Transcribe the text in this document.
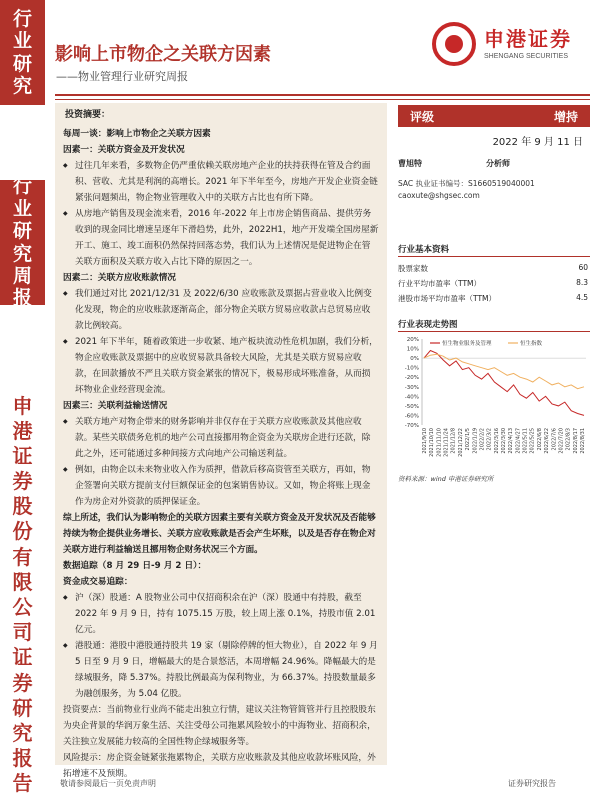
行业研究
行业研究周报
申港证券股份有限公司证券研究报告
影响上市物企之关联方因素
——物业管理行业研究周报
申港证券
SHENGANG SECURITIES
投资摘要：
每周一谈：影响上市物企之关联方因素
因素一：关联方资金及开发状况
◆ 过往几年来看，多数物企仍严重依赖关联房地产企业的扶持获得在管及合约面积、营收、尤其是利润的高增长。2021 年下半年至今，房地产开发企业资金链紧张问题频出，物企物业管理收入中的关联方占比也有所下降。
◆ 从房地产销售及现金流来看，2016 年-2022 年上市房企销售商品、提供劳务收到的现金同比增速呈逐年下滑趋势，此外，2022H1，地产开发端全国房屋新开工、施工、竣工面积仍然保持回落态势，我们认为上述情况是促进物企在管关联方面积及关联方收入占比下降的原因之一。
因素二：关联方应收账款情况
◆ 我们通过对比 2021/12/31 及 2022/6/30 应收账款及票据占营业收入比例变化发现，物企的应收账款逐渐高企，部分物企关联方贸易应收款占总贸易应收款比例较高。
◆ 2021 年下半年，随着政策进一步收紧、地产板块流动性危机加剧，我们分析，物企应收账款及票据中的应收贸易款具备较大风险，尤其是关联方贸易应收款，在回款播放不严且关联方资金紧张的情况下，极易形成坏账准备，从而损坏物业企业经营现金流。
因素三：关联利益输送情况
◆ 关联方地产对物企带来的财务影响并非仅存在于关联方应收账款及其他应收款。某些关联债务危机的地产公司直接挪用物企资金为关联房企进行还款，除此之外，还可能通过多种间接方式向地产公司输送利益。
◆ 例如，由物企以未来物业收入作为质押，借款后移高资管至关联方，再如，物企签署向关联方提前支付巨额保证金的包案销售协议。又如，物企将账上现金作为房企对外资款的质押保证金。
综上所述，我们认为影响物企的关联方因素主要有关联方资金及开发状况及否能够持续为物企提供业务增长、关联方应收账款是否会产生坏账，以及是否存在物企对关联方进行利益输送且挪用物企财务状况三个方面。
数据追踪（8 月 29 日-9 月 2 日）：
资金成交易追踪：
◆ 沪（深）股通：A 股物业公司中仅招商积余在沪（深）股通中有持股，截至 2022 年 9 月 9 日，持有 1075.15 万股，较上周上涨 0.1%，持股市值 2.01 亿元。
◆ 港股通：港股中港股通持股共 19 家（剔除停牌的恒大物业），自 2022 年 9 月 5 日至 9 月 9 日，增幅最大的是合景悠活，本周增幅 24.96%。降幅最大的是绿城服务，降 5.37%。持股比例最高为保利物业，为 66.37%。持股数量最多为融创服务，为 5.04 亿股。
投资要点：当前物业行业尚不能走出独立行情，建议关注物管简管并行且控股股东为央企背景的华润万象生活、关注受母公司拖累风险较小的中海物业、招商积余，关注独立发展能力较高的全国性物企绿城服务等。
风险提示：房企资金链紧张拖累物企，关联方应收账款及其他应收款坏账风险，外拓增速不及预期。
评级	增持
2022 年 9 月 11 日
曹旭特	分析师
SAC 执业证书编号：S1660519040001
caoxute@shgsec.com
行业基本资料
股票家数	60
行业平均市盈率（TTM）	8.3
港股市场平均市盈率（TTM）	4.5
行业表现走势图
20%
10%
0%
-10%
-20%
-30%
-40%
-50%
-60%
-70%
2021/9/10 2021/10/10 2021/11/10 2021/11/24 2021/12/8 2021/12/22 2022/1/5 2022/1/19 2022/2/2 2022/3/2 2022/3/16 2022/3/30 2022/4/13 2022/4/27 2022/5/11 2022/5/25 2022/6/8 2022/6/22 2022/7/6 2022/7/20 2022/8/3 2022/8/17 2022/8/31
恒生物业服务及管理	恒生指数
资料来源：wind 申港证券研究所
敬请参阅最后一页免责声明	证券研究报告
